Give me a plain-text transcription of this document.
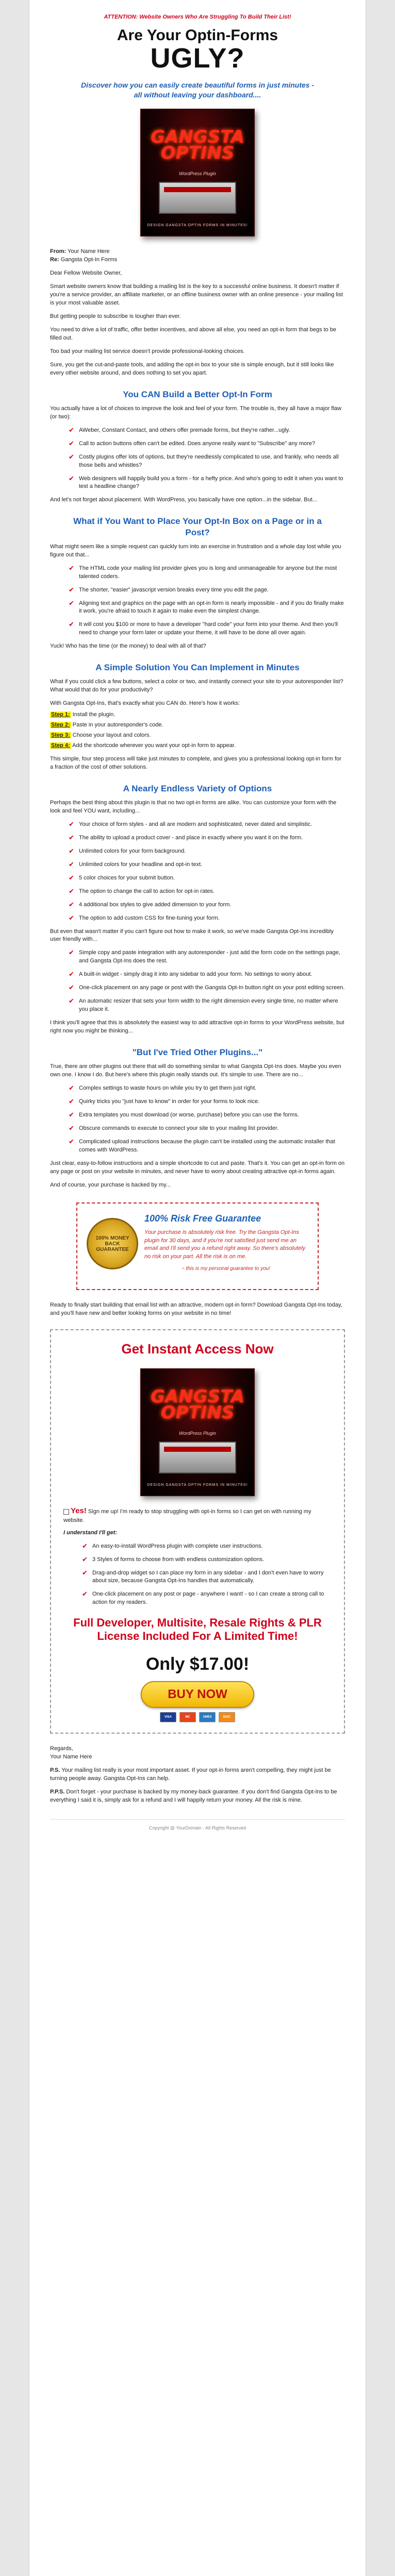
ATTENTION: Website Owners Who Are Struggling To Build Their List!
Are Your Optin-Forms
UGLY?
Discover how you can easily create beautiful forms in just minutes - all without leaving your dashboard....
GANGSTA
OPTINS
WordPress Plugin
DESIGN GANGSTA OPTIN FORMS IN MINUTES!
From: Your Name Here
Re: Gangsta Opt-In Forms

Dear Fellow Website Owner,

Smart website owners know that building a mailing list is the key to a successful online business. It doesn't matter if you're a service provider, an affiliate marketer, or an offline business owner with an online presence - your mailing list is your most valuable asset.

But getting people to subscribe is tougher than ever.

You need to drive a lot of traffic, offer better incentives, and above all else, you need an opt-in form that begs to be filled out.

Too bad your mailing list service doesn't provide professional-looking choices.

Sure, you get the cut-and-paste tools, and adding the opt-in box to your site is simple enough, but it still looks like every other website around, and does nothing to set you apart.

You CAN Build a Better Opt-In Form

You actually have a lot of choices to improve the look and feel of your form. The trouble is, they all have a major flaw (or two):

✔ AWeber, Constant Contact, and others offer premade forms, but they're rather...ugly.
✔ Call to action buttons often can't be edited. Does anyone really want to "Subscribe" any more?
✔ Costly plugins offer lots of options, but they're needlessly complicated to use, and frankly, who needs all those bells and whistles?
✔ Web designers will happily build you a form - for a hefty price. And who's going to edit it when you want to test a headline change?

And let's not forget about placement. With WordPress, you basically have one option...in the sidebar. But...

What if You Want to Place Your Opt-In Box on a Page or in a Post?

What might seem like a simple request can quickly turn into an exercise in frustration and a whole day lost while you figure out that...

✔ The HTML code your mailing list provider gives you is long and unmanageable for anyone but the most talented coders.
✔ The shorter, "easier" javascript version breaks every time you edit the page.
✔ Aligning text and graphics on the page with an opt-in form is nearly impossible - and if you do finally make it work, you're afraid to touch it again to make even the simplest change.
✔ It will cost you $100 or more to have a developer "hard code" your form into your theme. And then you'll need to change your form later or update your theme, it will have to be done all over again.

Yuck! Who has the time (or the money) to deal with all of that?

A Simple Solution You Can Implement in Minutes

What if you could click a few buttons, select a color or two, and instantly connect your site to your autoresponder list? What would that do for your productivity?

With Gangsta Opt-Ins, that's exactly what you CAN do. Here's how it works:

Step 1: Install the plugin.
Step 2: Paste in your autoresponder's code.
Step 3: Choose your layout and colors.
Step 4: Add the shortcode wherever you want your opt-in form to appear.

This simple, four step process will take just minutes to complete, and gives you a professional looking opt-in form for a fraction of the cost of other solutions.

A Nearly Endless Variety of Options

Perhaps the best thing about this plugin is that no two opt-in forms are alike. You can customize your form with the look and feel YOU want, including...

✔ Your choice of form styles - and all are modern and sophisticated, never dated and simplistic.
✔ The ability to upload a product cover - and place in exactly where you want it on the form.
✔ Unlimited colors for your form background.
✔ Unlimited colors for your headline and opt-in text.
✔ 5 color choices for your submit button.
✔ The option to change the call to action for opt-in rates.
✔ 4 additional box styles to give added dimension to your form.
✔ The option to add custom CSS for fine-tuning your form.

But even that wasn't matter if you can't figure out how to make it work, so we've made Gangsta Opt-Ins incredibly user friendly with...

✔ Simple copy and paste integration with any autoresponder - just add the form code on the settings page, and Gangsta Opt-Ins does the rest.
✔ A built-in widget - simply drag it into any sidebar to add your form. No settings to worry about.
✔ One-click placement on any page or post with the Gangsta Opt-In button right on your post editing screen.
✔ An automatic resizer that sets your form width to the right dimension every single time, no matter where you place it.

I think you'll agree that this is absolutely the easiest way to add attractive opt-in forms to your WordPress website, but right now you might be thinking...

"But I've Tried Other Plugins..."

True, there are other plugins out there that will do something similar to what Gangsta Opt-Ins does. Maybe you even own one. I know I do. But here's where this plugin really stands out. It's simple to use. There are no...

✔ Complex settings to waste hours on while you try to get them just right.
✔ Quirky tricks you "just have to know" in order for your forms to look nice.
✔ Extra templates you must download (or worse, purchase) before you can use the forms.
✔ Obscure commands to execute to connect your site to your mailing list provider.
✔ Complicated upload instructions because the plugin can't be installed using the automatic installer that comes with WordPress.

Just clear, easy-to-follow instructions and a simple shortcode to cut and paste. That's it. You can get an opt-in form on any page or post on your website in minutes, and never have to worry about creating attractive opt-in forms again.

And of course, your purchase is backed by my...

100% MONEY BACK GUARANTEE
100% Risk Free Guarantee
Your purchase is absolutely risk free. Try the Gangsta Opt-Ins plugin for 30 days, and if you're not satisfied just send me an email and I'll send you a refund right away. So there's absolutely no risk on your part. All the risk is on me.
~ this is my personal guarantee to you!

Ready to finally start building that email list with an attractive, modern opt-in form? Download Gangsta Opt-Ins today, and you'll have new and better looking forms on your website in no time!

Get Instant Access Now
GANGSTA
OPTINS
WordPress Plugin
DESIGN GANGSTA OPTIN FORMS IN MINUTES!
Yes! Sign me up! I'm ready to stop struggling with opt-in forms so I can get on with running my website.
I understand I'll get:
✔ An easy-to-install WordPress plugin with complete user instructions.
✔ 3 Styles of forms to choose from with endless customization options.
✔ Drag-and-drop widget so I can place my form in any sidebar - and I don't even have to worry about size, because Gangsta Opt-Ins handles that automatically.
✔ One-click placement on any post or page - anywhere I want! - so I can create a strong call to action for my readers.
Full Developer, Multisite, Resale Rights & PLR License Included For A Limited Time!
Only $17.00!
BUY NOW
VISA	MC	AMEX	DISC
Regards,
Your Name Here

P.S. Your mailing list really is your most important asset. If your opt-in forms aren't compelling, they might just be turning people away. Gangsta Opt-Ins can help.

P.P.S. Don't forget - your purchase is backed by my money-back guarantee. If you don't find Gangsta Opt-Ins to be everything I said it is, simply ask for a refund and I will happily return your money. All the risk is mine.

Copyright @ YourDomain - All Rights Reserved
